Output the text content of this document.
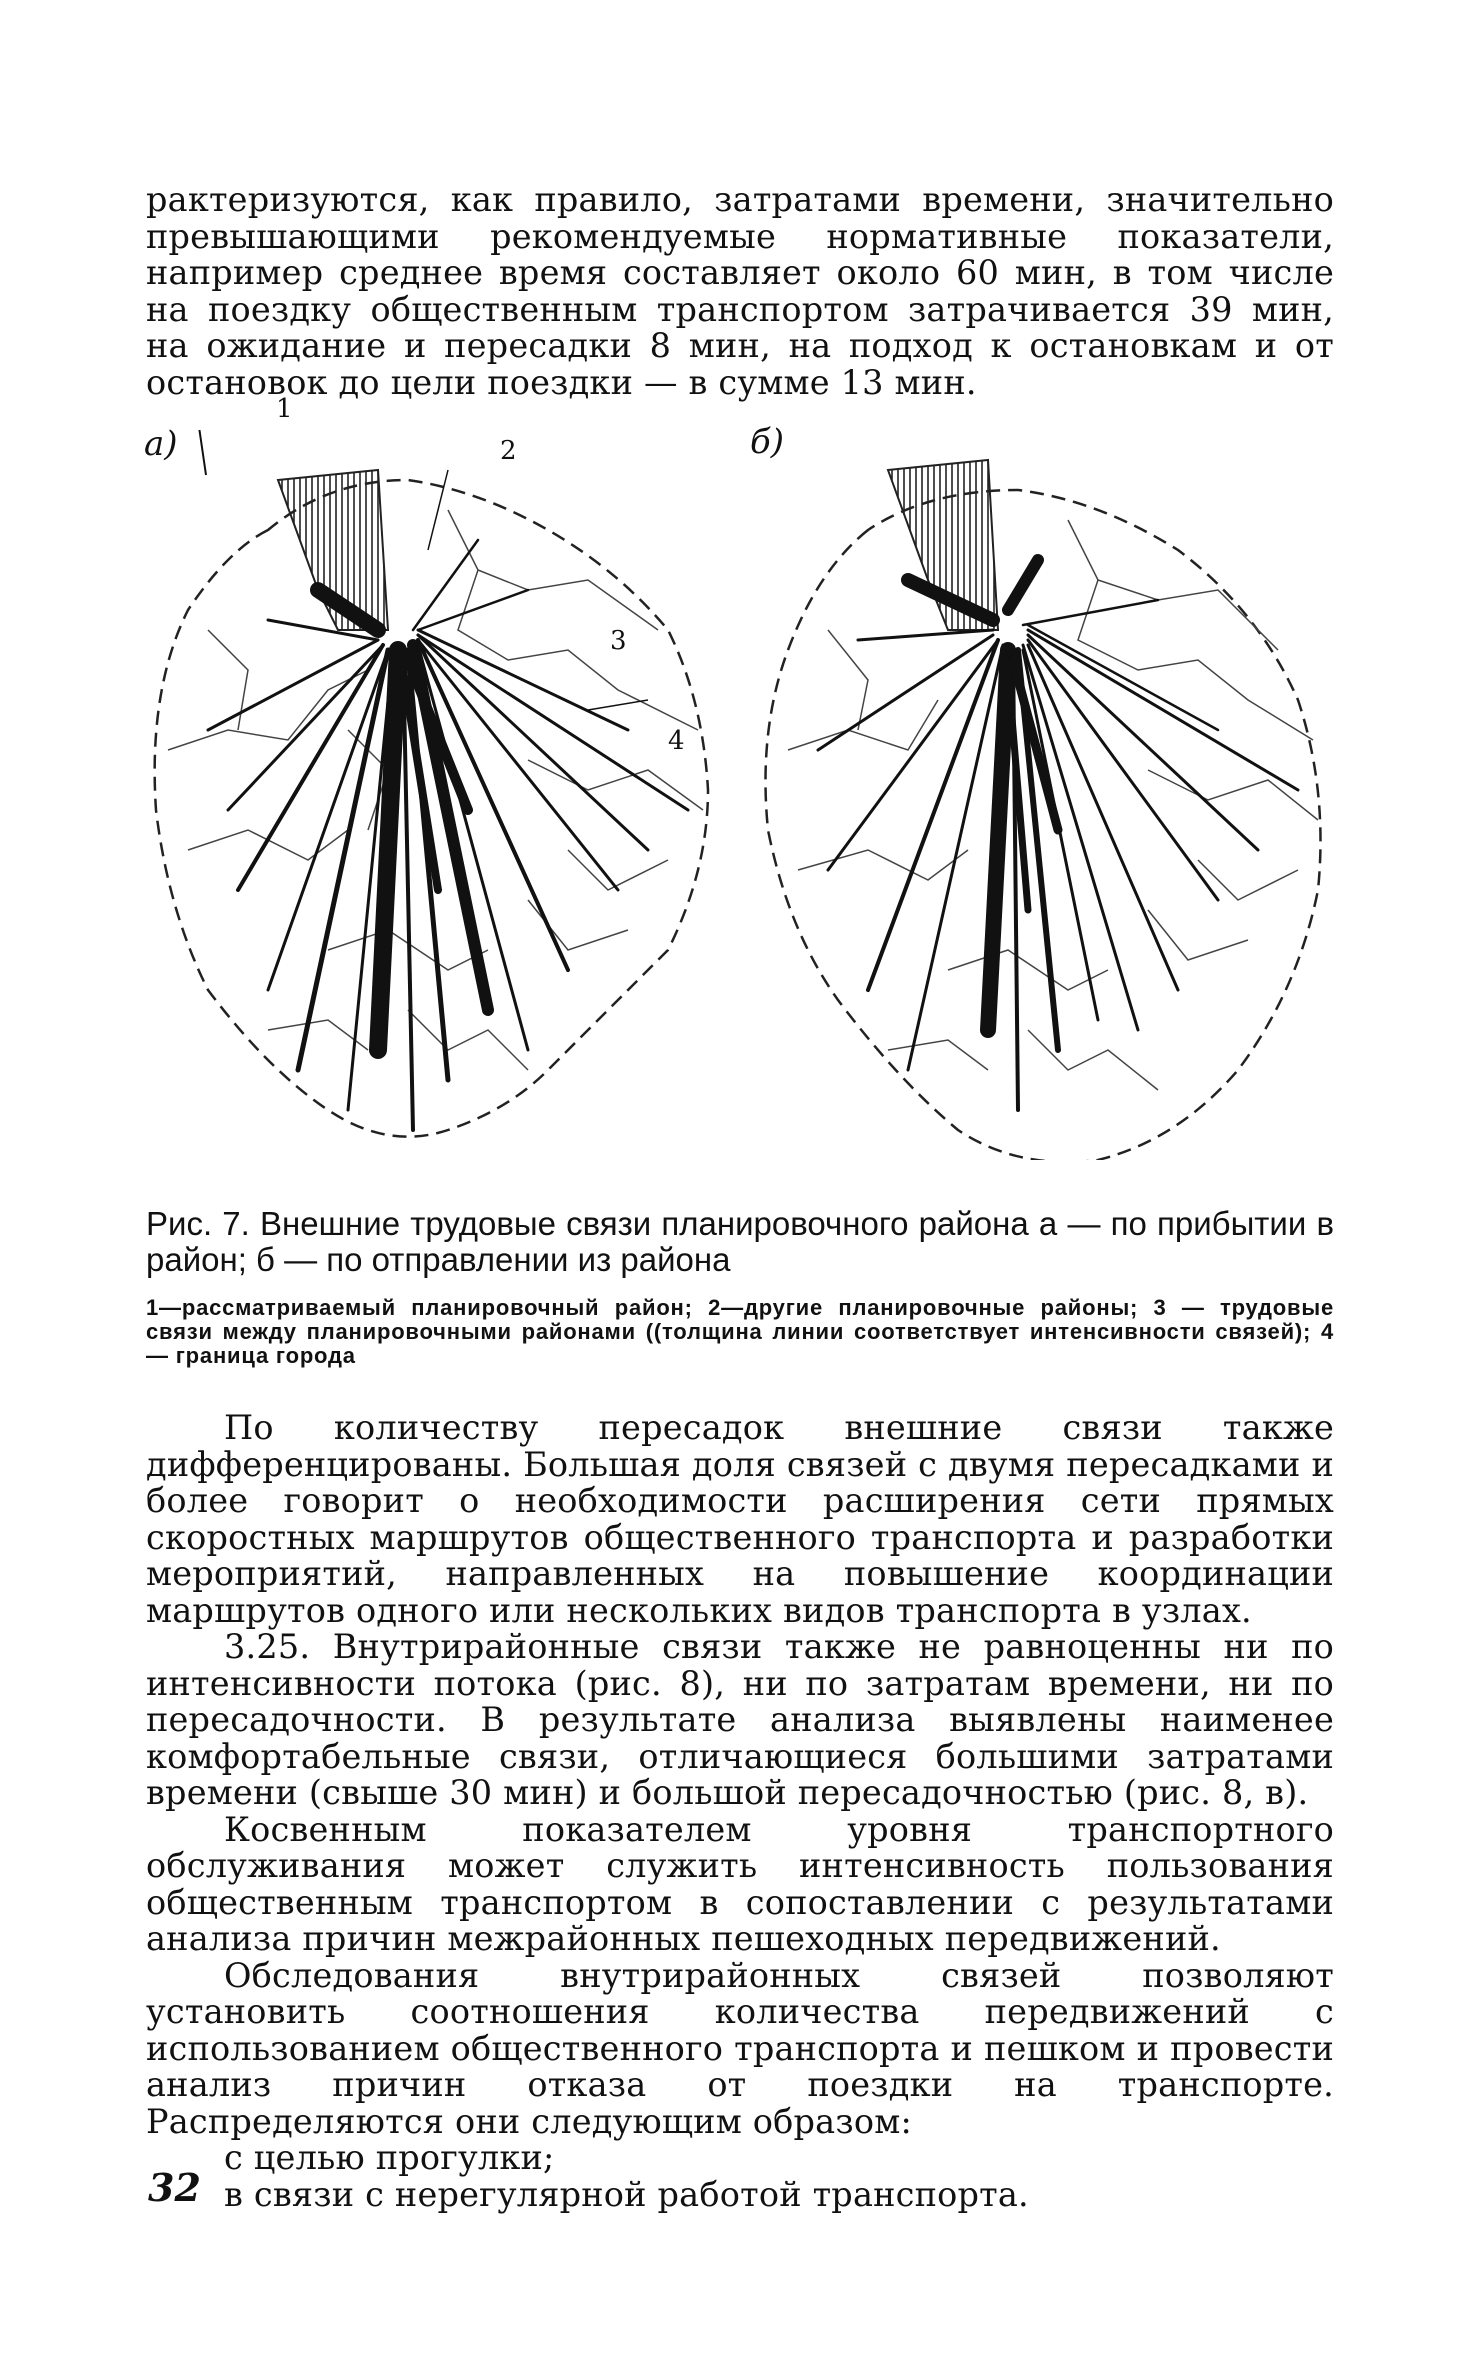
рактеризуются, как правило, затратами времени, значительно превышающими рекомендуемые нормативные показатели, например среднее время составляет около 60 мин, в том числе на поездку общественным транспортом затрачивается 39 мин, на ожидание и пересадки 8 мин, на подход к остановкам и от остановок до цели поездки — в сумме 13 мин.

а)
1
2
3
4
б)

Рис. 7. Внешние трудовые связи планировочного района а — по прибытии в район; б — по отправлении из района

1—рассматриваемый планировочный район; 2—другие планировочные районы; 3 — трудовые связи между планировочными районами ((толщина линии соответствует интенсивности связей); 4 — граница города

По количеству пересадок внешние связи также дифференцированы. Большая доля связей с двумя пересадками и более говорит о необходимости расширения сети прямых скоростных маршрутов общественного транспорта и разработки мероприятий, направленных на повышение координации маршрутов одного или нескольких видов транспорта в узлах.

3.25. Внутрирайонные связи также не равноценны ни по интенсивности потока (рис. 8), ни по затратам времени, ни по пересадочности. В результате анализа выявлены наименее комфортабельные связи, отличающиеся большими затратами времени (свыше 30 мин) и большой пересадочностью (рис. 8, в).

Косвенным показателем уровня транспортного обслуживания может служить интенсивность пользования общественным транспортом в сопоставлении с результатами анализа причин межрайонных пешеходных передвижений.

Обследования внутрирайонных связей позволяют установить соотношения количества передвижений с использованием общественного транспорта и пешком и провести анализ причин отказа от поездки на транспорте. Распределяются они следующим образом:

с целью прогулки;

в связи с нерегулярной работой транспорта.

32
